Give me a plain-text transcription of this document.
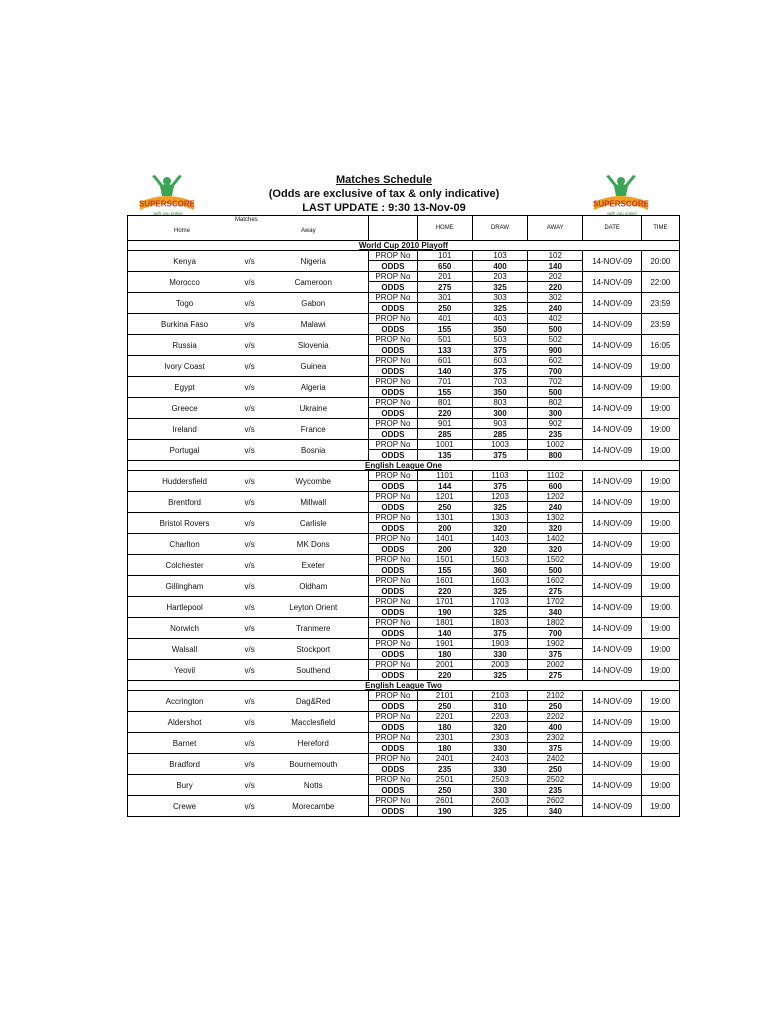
SUPERSCORE
with you online
SUPERSCORE
with you online
Matches Schedule
(Odds are exclusive of tax & only indicative)
LAST UPDATE : 9:30 13-Nov-09
Matches
Home Away				HOME	DRAW	AWAY	DATE	TIME
World Cup 2010 Playoff								
Kenya	v/s	Nigeria	PROP No	101	103	102	14-NOV-09	20:00
			ODDS	650	400	140		
Morocco	v/s	Cameroon	PROP No	201	203	202	14-NOV-09	22:00
			ODDS	275	325	220		
Togo	v/s	Gabon	PROP No	301	303	302	14-NOV-09	23:59
			ODDS	250	325	240		
Burkina Faso	v/s	Malawi	PROP No	401	403	402	14-NOV-09	23:59
			ODDS	155	350	500		
Russia	v/s	Slovenia	PROP No	501	503	502	14-NOV-09	16:05
			ODDS	133	375	900		
Ivory Coast	v/s	Guinea	PROP No	601	603	602	14-NOV-09	19:00
			ODDS	140	375	700		
Egypt	v/s	Algeria	PROP No	701	703	702	14-NOV-09	19:00
			ODDS	155	350	500		
Greece	v/s	Ukraine	PROP No	801	803	802	14-NOV-09	19:00
			ODDS	220	300	300		
Ireland	v/s	France	PROP No	901	903	902	14-NOV-09	19:00
			ODDS	285	285	235		
Portugal	v/s	Bosnia	PROP No	1001	1003	1002	14-NOV-09	19:00
			ODDS	135	375	800		
English League One								
Huddersfield	v/s	Wycombe	PROP No	1101	1103	1102	14-NOV-09	19:00
			ODDS	144	375	600		
Brentford	v/s	Millwall	PROP No	1201	1203	1202	14-NOV-09	19:00
			ODDS	250	325	240		
Bristol Rovers	v/s	Carlisle	PROP No	1301	1303	1302	14-NOV-09	19:00
			ODDS	200	320	320		
Charlton	v/s	MK Dons	PROP No	1401	1403	1402	14-NOV-09	19:00
			ODDS	200	320	320		
Colchester	v/s	Exeter	PROP No	1501	1503	1502	14-NOV-09	19:00
			ODDS	155	360	500		
Gillingham	v/s	Oldham	PROP No	1601	1603	1602	14-NOV-09	19:00
			ODDS	220	325	275		
Hartlepool	v/s	Leyton Orient	PROP No	1701	1703	1702	14-NOV-09	19:00
			ODDS	190	325	340		
Norwich	v/s	Tranmere	PROP No	1801	1803	1802	14-NOV-09	19:00
			ODDS	140	375	700		
Walsall	v/s	Stockport	PROP No	1901	1903	1902	14-NOV-09	19:00
			ODDS	180	330	375		
Yeovil	v/s	Southend	PROP No	2001	2003	2002	14-NOV-09	19:00
			ODDS	220	325	275		
English League Two								
Accrington	v/s	Dag&Red	PROP No	2101	2103	2102	14-NOV-09	19:00
			ODDS	250	310	250		
Aldershot	v/s	Macclesfield	PROP No	2201	2203	2202	14-NOV-09	19:00
			ODDS	180	320	400		
Barnet	v/s	Hereford	PROP No	2301	2303	2302	14-NOV-09	19:00
			ODDS	180	330	375		
Bradford	v/s	Bournemouth	PROP No	2401	2403	2402	14-NOV-09	19:00
			ODDS	235	330	250		
Bury	v/s	Notts	PROP No	2501	2503	2502	14-NOV-09	19:00
			ODDS	250	330	235		
Crewe	v/s	Morecambe	PROP No	2601	2603	2602	14-NOV-09	19:00
			ODDS	190	325	340		
